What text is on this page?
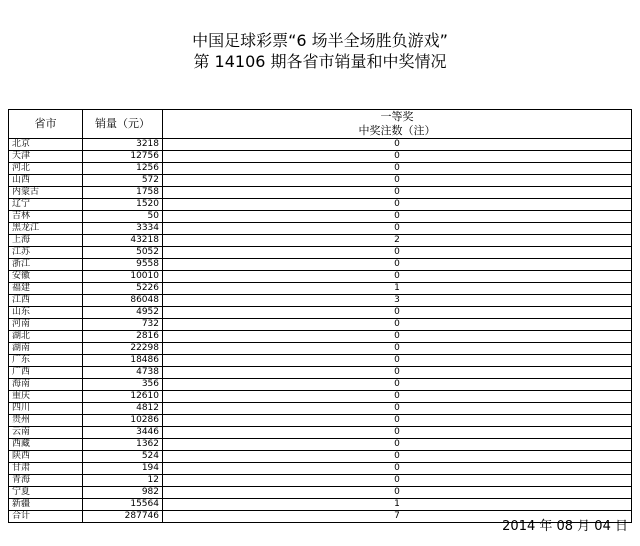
中国足球彩票“6 场半全场胜负游戏”
第 14106 期各省市销量和中奖情况
省市	销量（元）	一等奖
中奖注数（注）

北京	3218	0
天津	12756	0
河北	1256	0
山西	572	0
内蒙古	1758	0
辽宁	1520	0
吉林	50	0
黑龙江	3334	0
上海	43218	2
江苏	5052	0
浙江	9558	0
安徽	10010	0
福建	5226	1
江西	86048	3
山东	4952	0
河南	732	0
湖北	2816	0
湖南	22298	0
广东	18486	0
广西	4738	0
海南	356	0
重庆	12610	0
四川	4812	0
贵州	10286	0
云南	3446	0
西藏	1362	0
陕西	524	0
甘肃	194	0
青海	12	0
宁夏	982	0
新疆	15564	1
合计	287746	7
2014 年 08 月 04 日
